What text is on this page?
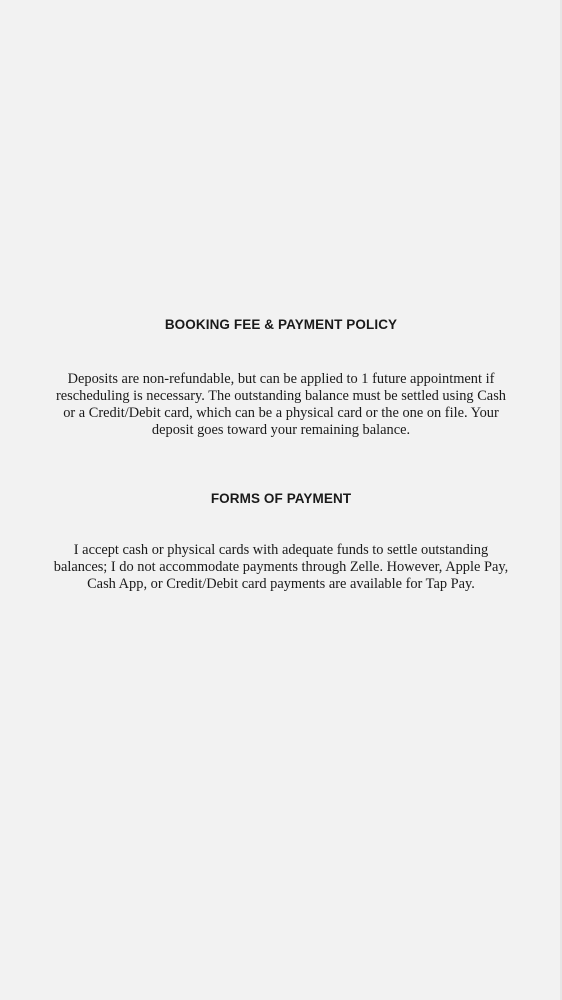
BOOKING FEE & PAYMENT POLICY

Deposits are non-refundable, but can be applied to 1 future appointment if rescheduling is necessary. The outstanding balance must be settled using Cash or a Credit/Debit card, which can be a physical card or the one on file. Your deposit goes toward your remaining balance.

FORMS OF PAYMENT

I accept cash or physical cards with adequate funds to settle outstanding balances; I do not accommodate payments through Zelle. However, Apple Pay, Cash App, or Credit/Debit card payments are available for Tap Pay.
